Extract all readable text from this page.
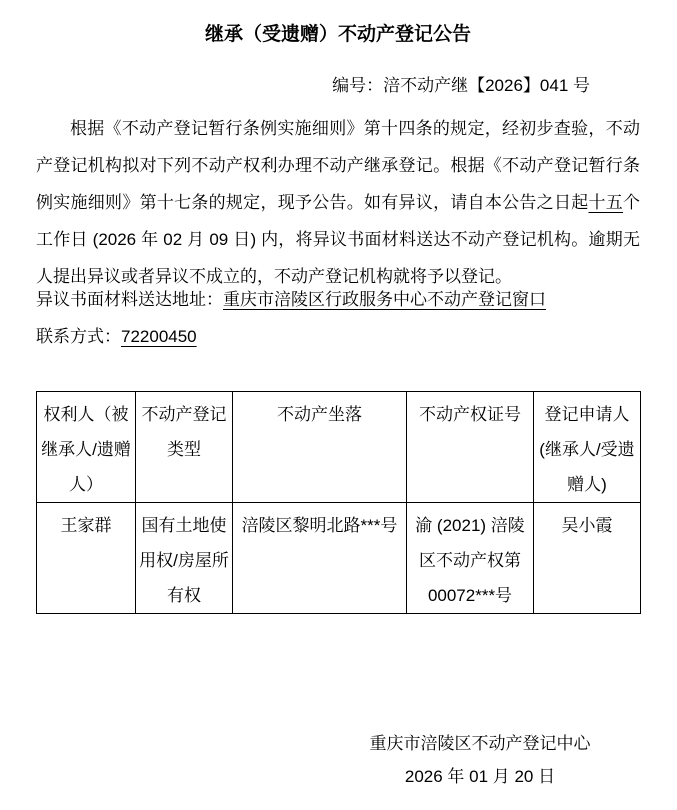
继承（受遗赠）不动产登记公告
编号：涪不动产继【2026】041 号

根据《不动产登记暂行条例实施细则》第十四条的规定，经初步查验，不动产登记机构拟对下列不动产权利办理不动产继承登记。根据《不动产登记暂行条例实施细则》第十七条的规定，现予公告。如有异议，请自本公告之日起十五个工作日 (2026 年 02 月 09 日) 内，将异议书面材料送达不动产登记机构。逾期无人提出异议或者异议不成立的，不动产登记机构就将予以登记。

异议书面材料送达地址：重庆市涪陵区行政服务中心不动产登记窗口

联系方式：72200450

权利人（被继承人/遗赠人）	不动产登记类型	不动产坐落	不动产权证号	登记申请人 (继承人/受遗赠人)
王家群	国有土地使用权/房屋所有权	涪陵区黎明北路***号	渝 (2021) 涪陵区不动产权第00072***号	吴小霞
重庆市涪陵区不动产登记中心
2026 年 01 月 20 日
